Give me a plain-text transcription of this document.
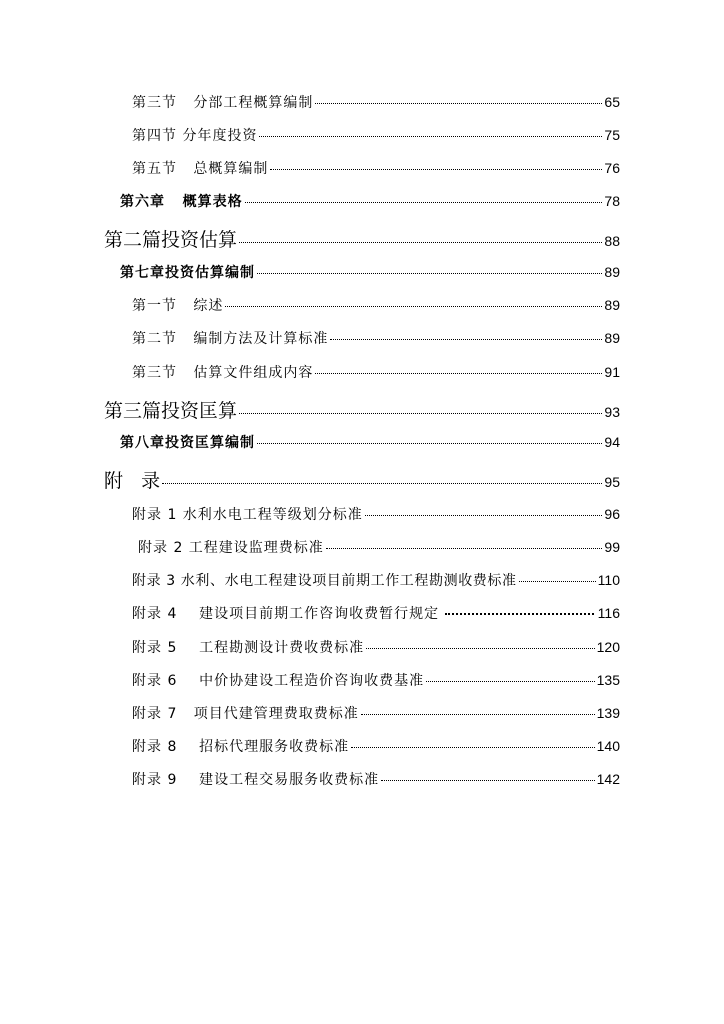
第三节   分部工程概算编制	65
第四节 分年度投资	75
第五节   总概算编制	76
第六章   概算表格	78
第二篇投资估算	88
第七章投资估算编制	89
第一节   综述	89
第二节   编制方法及计算标准	89
第三节   估算文件组成内容	91
第三篇投资匡算	93
第八章投资匡算编制	94
附   录	95
附录 1 水利水电工程等级划分标准	96
附录 2 工程建设监理费标准	99
附录 3 水利、水电工程建设项目前期工作工程勘测收费标准	110
附录 4    建设项目前期工作咨询收费暂行规定	116
附录 5    工程勘测设计费收费标准	120
附录 6    中价协建设工程造价咨询收费基准	135
附录 7   项目代建管理费取费标准	139
附录 8    招标代理服务收费标准	140
附录 9    建设工程交易服务收费标准	142
